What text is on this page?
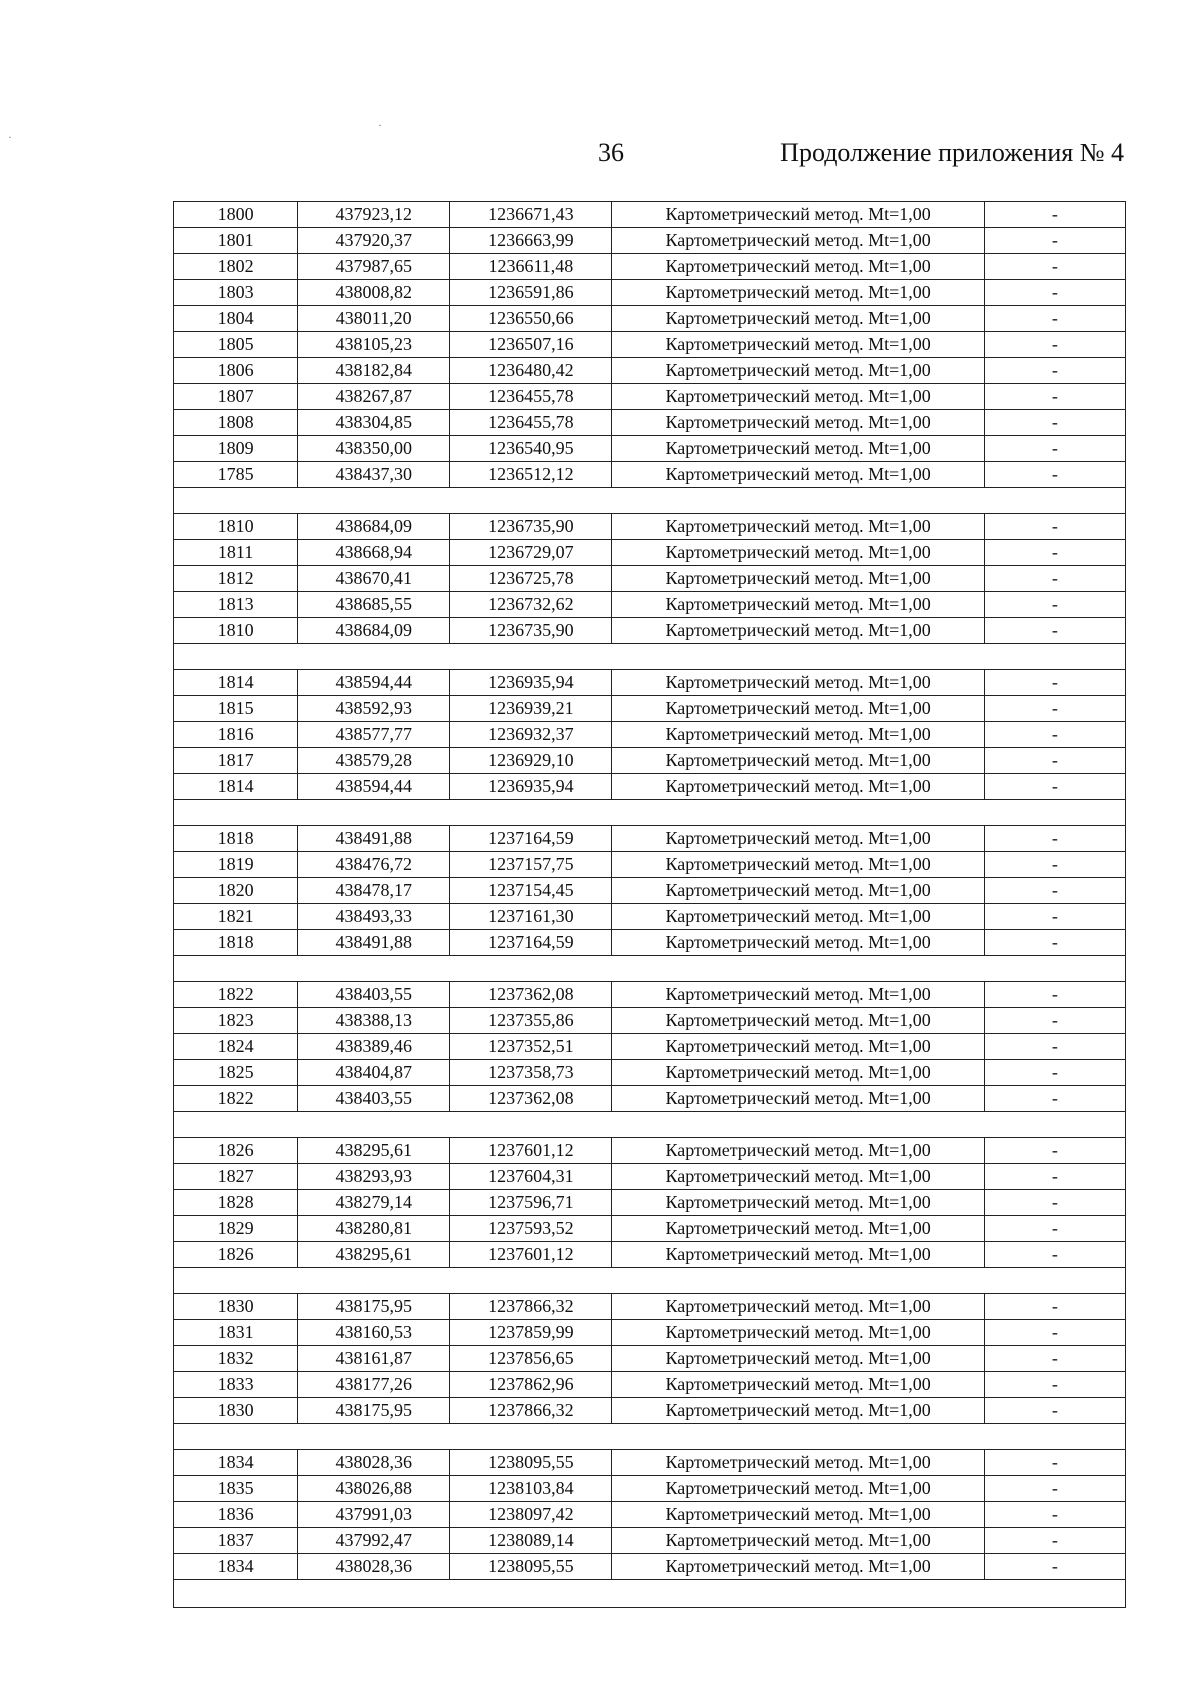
36	Продолжение приложения № 4
·
·
1800	437923,12	1236671,43	Картометрический метод. Мt=1,00	-
1801	437920,37	1236663,99	Картометрический метод. Мt=1,00	-
1802	437987,65	1236611,48	Картометрический метод. Мt=1,00	-
1803	438008,82	1236591,86	Картометрический метод. Мt=1,00	-
1804	438011,20	1236550,66	Картометрический метод. Мt=1,00	-
1805	438105,23	1236507,16	Картометрический метод. Мt=1,00	-
1806	438182,84	1236480,42	Картометрический метод. Мt=1,00	-
1807	438267,87	1236455,78	Картометрический метод. Мt=1,00	-
1808	438304,85	1236455,78	Картометрический метод. Мt=1,00	-
1809	438350,00	1236540,95	Картометрический метод. Мt=1,00	-
1785	438437,30	1236512,12	Картометрический метод. Мt=1,00	-

1810	438684,09	1236735,90	Картометрический метод. Мt=1,00	-
1811	438668,94	1236729,07	Картометрический метод. Мt=1,00	-
1812	438670,41	1236725,78	Картометрический метод. Мt=1,00	-
1813	438685,55	1236732,62	Картометрический метод. Мt=1,00	-
1810	438684,09	1236735,90	Картометрический метод. Мt=1,00	-

1814	438594,44	1236935,94	Картометрический метод. Мt=1,00	-
1815	438592,93	1236939,21	Картометрический метод. Мt=1,00	-
1816	438577,77	1236932,37	Картометрический метод. Мt=1,00	-
1817	438579,28	1236929,10	Картометрический метод. Мt=1,00	-
1814	438594,44	1236935,94	Картометрический метод. Мt=1,00	-

1818	438491,88	1237164,59	Картометрический метод. Мt=1,00	-
1819	438476,72	1237157,75	Картометрический метод. Мt=1,00	-
1820	438478,17	1237154,45	Картометрический метод. Мt=1,00	-
1821	438493,33	1237161,30	Картометрический метод. Мt=1,00	-
1818	438491,88	1237164,59	Картометрический метод. Мt=1,00	-

1822	438403,55	1237362,08	Картометрический метод. Мt=1,00	-
1823	438388,13	1237355,86	Картометрический метод. Мt=1,00	-
1824	438389,46	1237352,51	Картометрический метод. Мt=1,00	-
1825	438404,87	1237358,73	Картометрический метод. Мt=1,00	-
1822	438403,55	1237362,08	Картометрический метод. Мt=1,00	-

1826	438295,61	1237601,12	Картометрический метод. Мt=1,00	-
1827	438293,93	1237604,31	Картометрический метод. Мt=1,00	-
1828	438279,14	1237596,71	Картометрический метод. Мt=1,00	-
1829	438280,81	1237593,52	Картометрический метод. Мt=1,00	-
1826	438295,61	1237601,12	Картометрический метод. Мt=1,00	-

1830	438175,95	1237866,32	Картометрический метод. Мt=1,00	-
1831	438160,53	1237859,99	Картометрический метод. Мt=1,00	-
1832	438161,87	1237856,65	Картометрический метод. Мt=1,00	-
1833	438177,26	1237862,96	Картометрический метод. Мt=1,00	-
1830	438175,95	1237866,32	Картометрический метод. Мt=1,00	-

1834	438028,36	1238095,55	Картометрический метод. Мt=1,00	-
1835	438026,88	1238103,84	Картометрический метод. Мt=1,00	-
1836	437991,03	1238097,42	Картометрический метод. Мt=1,00	-
1837	437992,47	1238089,14	Картометрический метод. Мt=1,00	-
1834	438028,36	1238095,55	Картометрический метод. Мt=1,00	-
